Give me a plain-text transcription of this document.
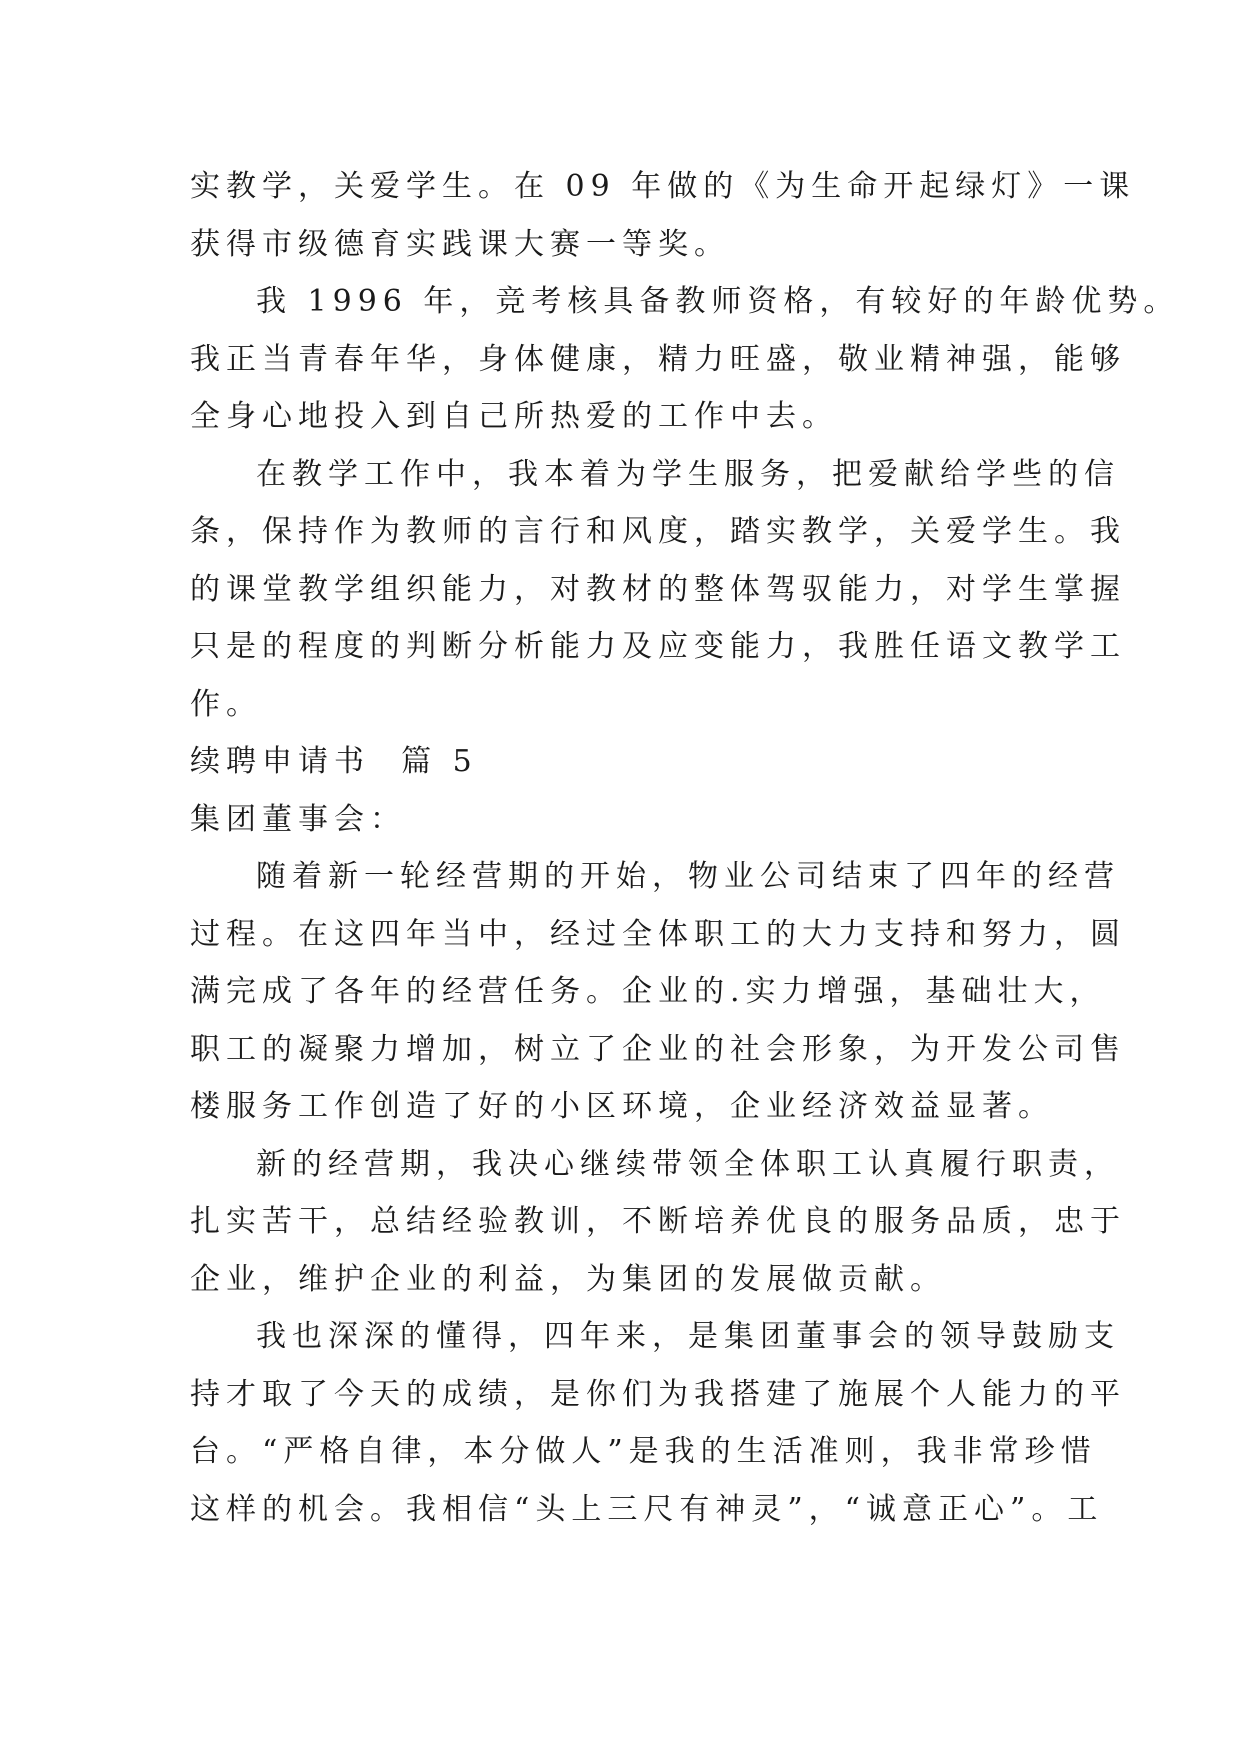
实教学，关爱学生。在 09 年做的《为生命开起绿灯》一课
获得市级德育实践课大赛一等奖。
我 1996 年，竞考核具备教师资格，有较好的年龄优势。
我正当青春年华，身体健康，精力旺盛，敬业精神强，能够
全身心地投入到自己所热爱的工作中去。
在教学工作中，我本着为学生服务，把爱献给学些的信
条，保持作为教师的言行和风度，踏实教学，关爱学生。我
的课堂教学组织能力，对教材的整体驾驭能力，对学生掌握
只是的程度的判断分析能力及应变能力，我胜任语文教学工
作。
续聘申请书  篇 5
集团董事会：
随着新一轮经营期的开始，物业公司结束了四年的经营
过程。在这四年当中，经过全体职工的大力支持和努力，圆
满完成了各年的经营任务。企业的.实力增强，基础壮大，
职工的凝聚力增加，树立了企业的社会形象，为开发公司售
楼服务工作创造了好的小区环境，企业经济效益显著。
新的经营期，我决心继续带领全体职工认真履行职责，
扎实苦干，总结经验教训，不断培养优良的服务品质，忠于
企业，维护企业的利益，为集团的发展做贡献。
我也深深的懂得，四年来，是集团董事会的领导鼓励支
持才取了今天的成绩，是你们为我搭建了施展个人能力的平
台。“严格自律，本分做人”是我的生活准则，我非常珍惜
这样的机会。我相信“头上三尺有神灵”，“诚意正心”。工
